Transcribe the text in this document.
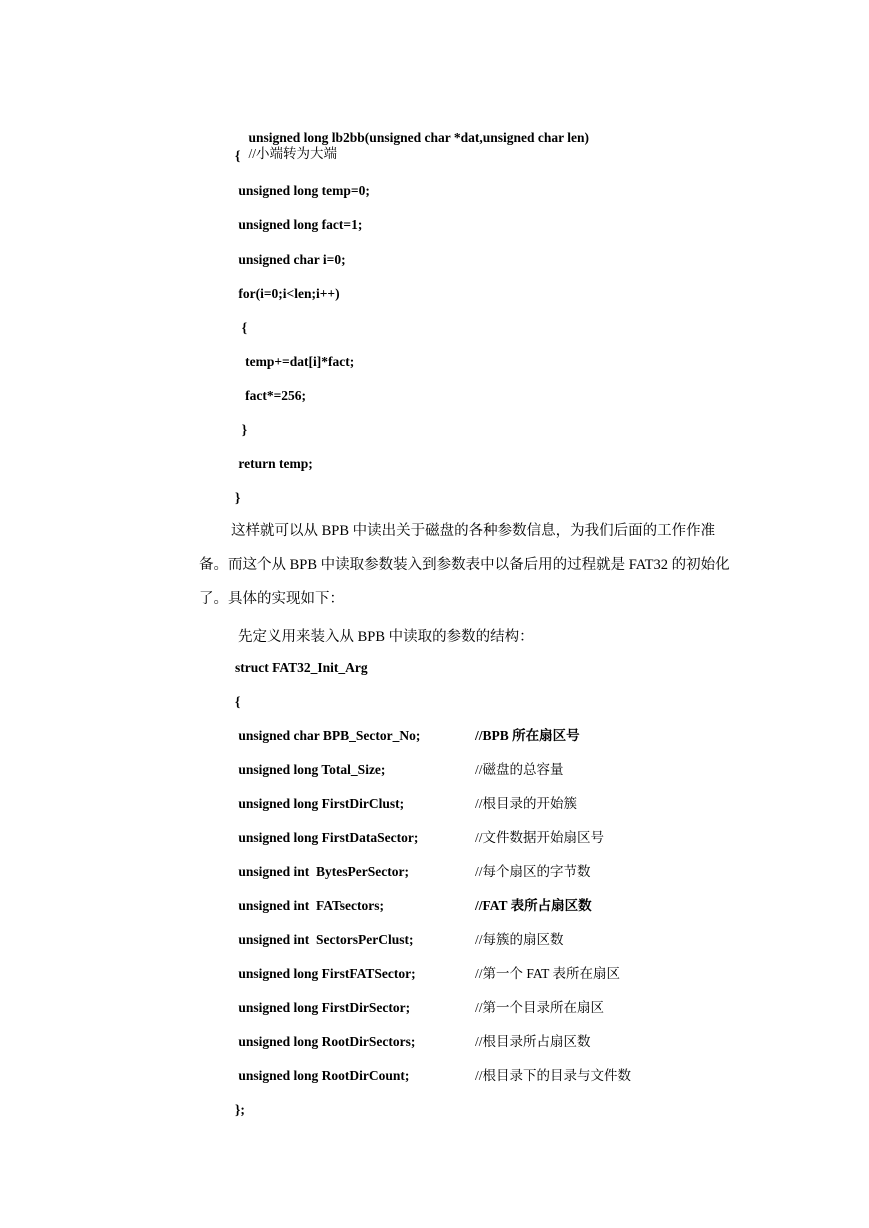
unsigned long lb2bb(unsigned char *dat,unsigned char len)
//小端转为大端

{
unsigned long temp=0;
unsigned long fact=1;
unsigned char i=0;
for(i=0;i<len;i++)
{
temp+=dat[i]*fact;
fact*=256;
}
return temp;
}

这样就可以从 BPB 中读出关于磁盘的各种参数信息，为我们后面的工作作准备。而这个从 BPB 中读取参数装入到参数表中以备后用的过程就是 FAT32 的初始化了。具体的实现如下：

先定义用来装入从 BPB 中读取的参数的结构：
struct FAT32_Init_Arg
{
unsigned char BPB_Sector_No;	//BPB 所在扇区号
unsigned long Total_Size;	//磁盘的总容量
unsigned long FirstDirClust;	//根目录的开始簇
unsigned long FirstDataSector;	//文件数据开始扇区号
unsigned int  BytesPerSector;	//每个扇区的字节数
unsigned int  FATsectors;	//FAT 表所占扇区数
unsigned int  SectorsPerClust;	//每簇的扇区数
unsigned long FirstFATSector;	//第一个 FAT 表所在扇区
unsigned long FirstDirSector;	//第一个目录所在扇区
unsigned long RootDirSectors;	//根目录所占扇区数
unsigned long RootDirCount;	//根目录下的目录与文件数
};
